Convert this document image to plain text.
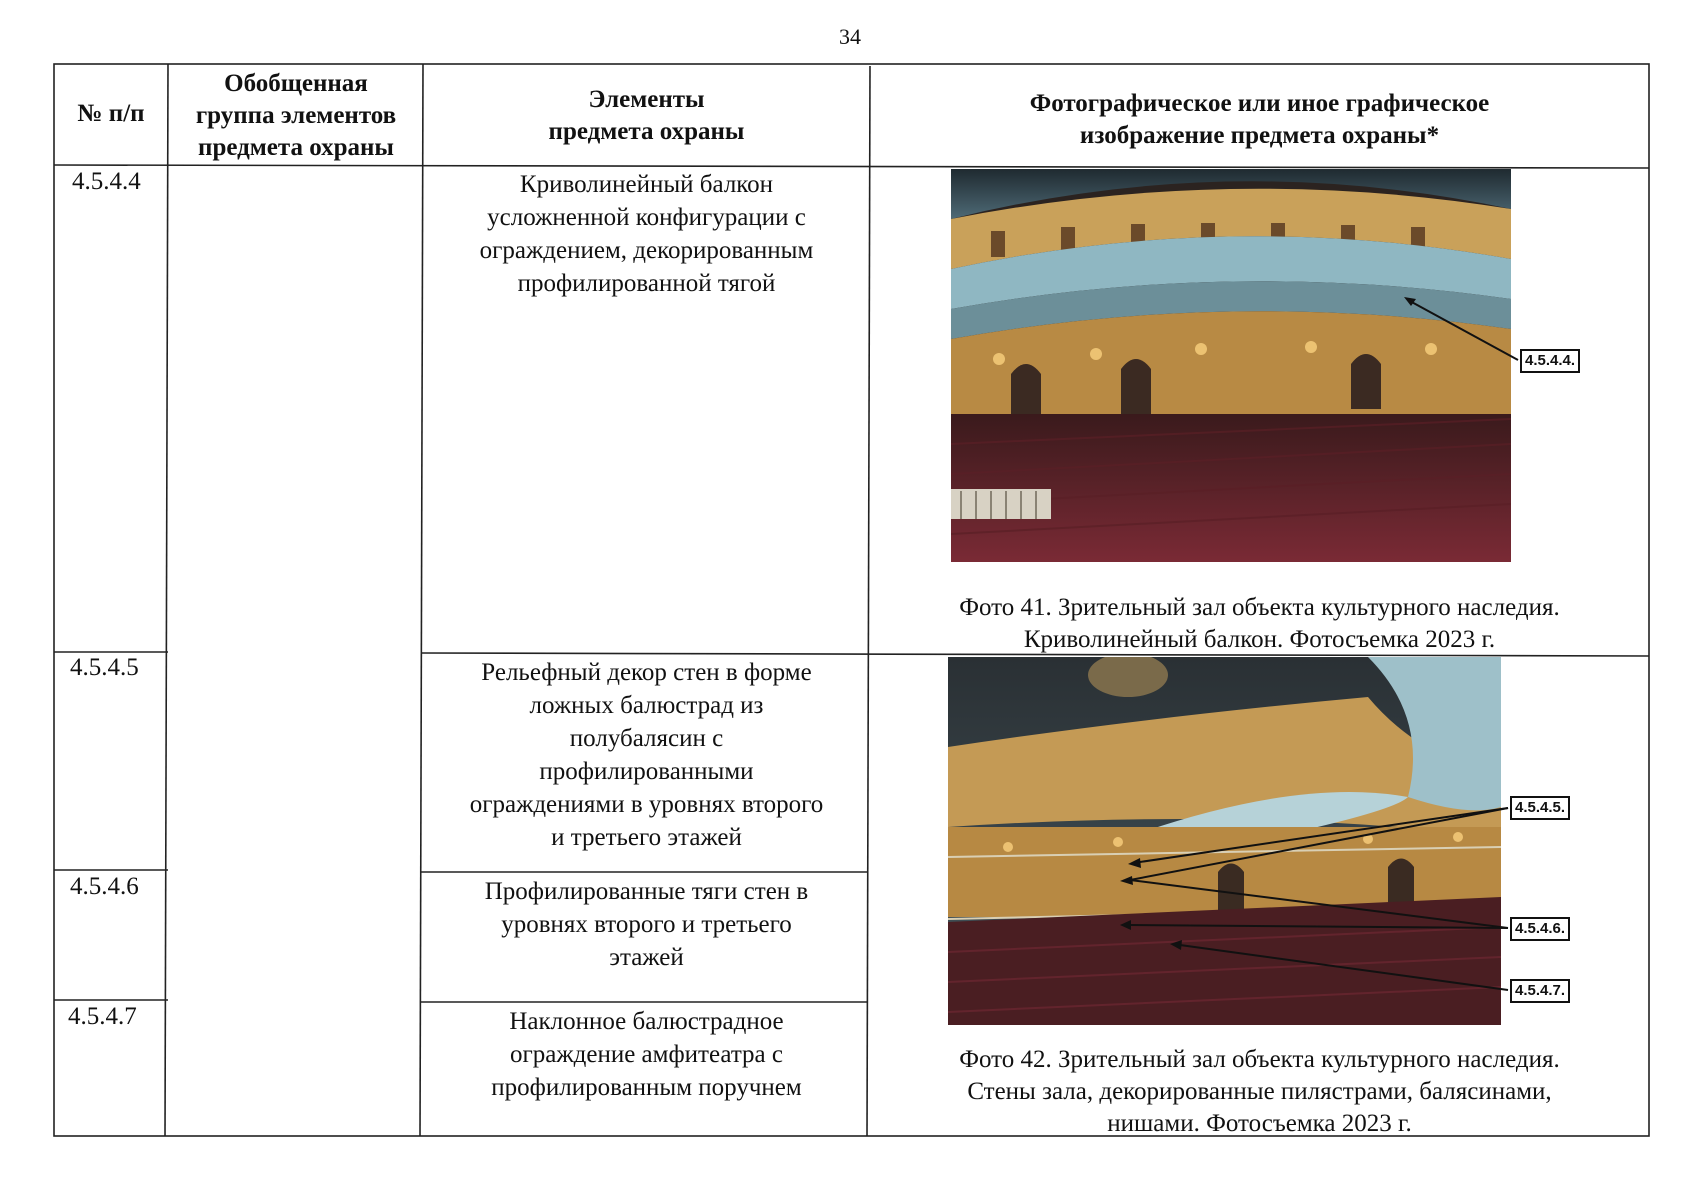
34
№ п/п
Обобщенная
группа элементов
предмета охраны
Элементы
предмета охраны
Фотографическое или иное графическое
изображение предмета охраны*
4.5.4.4
4.5.4.5
4.5.4.6
4.5.4.7
Криволинейный балкон
усложненной конфигурации с
ограждением, декорированным
профилированной тягой
Рельефный декор стен в форме
ложных балюстрад из
полубалясин с
профилированными
ограждениями в уровнях второго
и третьего этажей
Профилированные тяги стен в
уровнях второго и третьего
этажей
Наклонное балюстрадное
ограждение амфитеатра с
профилированным поручнем
4.5.4.4.
Фото 41. Зрительный зал объекта культурного наследия.
Криволинейный балкон. Фотосъемка 2023 г.
4.5.4.5.
4.5.4.6.
4.5.4.7.
Фото 42. Зрительный зал объекта культурного наследия.
Стены зала, декорированные пилястрами, балясинами,
нишами. Фотосъемка 2023 г.
